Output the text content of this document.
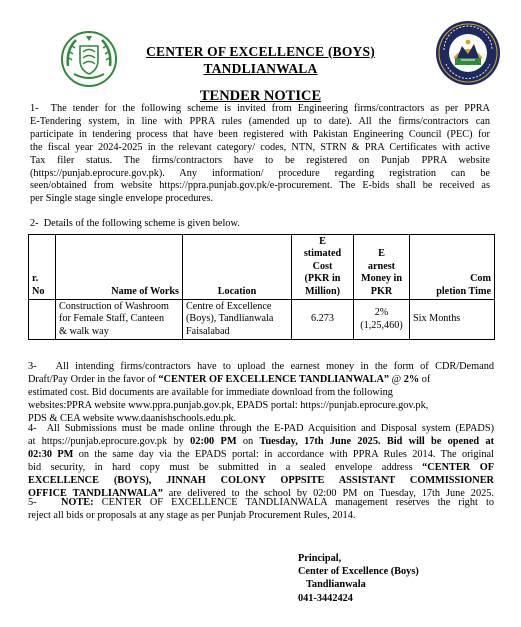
CENTER OF EXCELLENCE (BOYS)
TANDLIANWALA
TENDER NOTICE
1-  The tender for the following scheme is invited from Engineering firms/contractors as per PPRA
E-Tendering system, in line with PPRA rules (amended up to date). All the firms/contractors can
participate in tendering process that have been registered with Pakistan Engineering Council (PEC) for
the fiscal year 2024-2025 in the relevant category/ codes, NTN, STRN & PRA Certificates with active
Tax filer status. The firms/contractors have to be registered on Punjab PPRA website
(https://punjab.eprocure.gov.pk). Any information/ procedure regarding registration can be
seen/obtained from website https://ppra.punjab.gov.pk/e-procurement. The E-bids shall be received as
per Single stage single envelope procedures.
2-  Details of the following scheme is given below.
r.
No	Name of Works	Location	E
stimated
Cost
(PKR in
Million)	E
arnest
Money in
PKR	Com
pletion Time

	Construction of Washroom
for Female Staff, Canteen
& walk way	Centre of Excellence
(Boys), Tandlianwala
Faisalabad	6.273	2%
(1,25,460)	Six Months
3-   All intending firms/contractors have to upload the earnest money in the form of CDR/Demand
Draft/Pay Order in the favor of “CENTER OF EXCELLENCE TANDLIANWALA” @ 2% of
estimated cost. Bid documents are available for immediate download from the following
websites:PPRA website www.ppra.punjab.gov.pk, EPADS portal: https://punjab.eprocure.gov.pk,
PDS & CEA website www.daanishschools.edu.pk.
4-  All Submissions must be made online through the E-PAD Acquisition and Disposal system (EPADS)
at https://punjab.eprocure.gov.pk by 02:00 PM on Tuesday, 17th June 2025. Bid will be opened at
02:30 PM on the same day via the EPADS portal: in accordance with PPRA Rules 2014. The original
bid security, in hard copy must be submitted in a sealed envelope address “CENTER OF
EXCELLENCE (BOYS), JINNAH COLONY OPPSITE ASSISTANT COMMISSIONER
OFFICE TANDLIANWALA” are delivered to the school by 02:00 PM on Tuesday, 17th June 2025.
5-   NOTE: CENTER OF EXCELLENCE TANDLIANWALA management reserves the right to
reject all bids or proposals at any stage as per Punjab Procurement Rules, 2014.
Principal,
Center of Excellence (Boys)
Tandlianwala
041-3442424
